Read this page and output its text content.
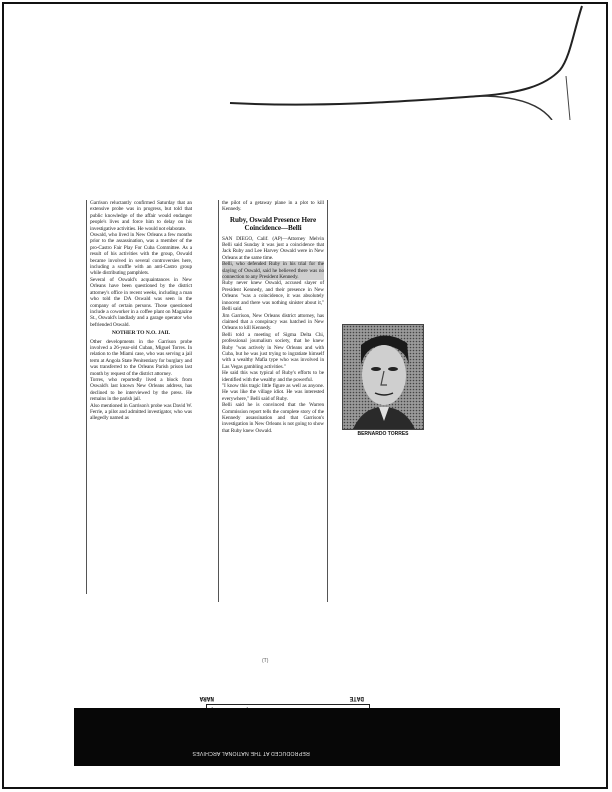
Garrison reluctantly confirmed Saturday that an extensive probe was in progress, but told that public knowledge of the affair would endanger people's lives and force him to delay on his investigative activities. He would not elaborate.

Oswald, who lived in New Orleans a few months prior to the assassination, was a member of the pro-Castro Fair Play For Cuba Committee. As a result of his activities with the group, Oswald became involved in several controversies here, including a scuffle with an anti-Castro group while distributing pamphlets.

Several of Oswald's acquaintances in New Orleans have been questioned by the district attorney's office in recent weeks, including a man who told the DA Oswald was seen in the company of certain persons. Those questioned include a coworker in a coffee plant on Magazine St., Oswald's landlady and a garage operator who befriended Oswald.

NOTHER TO N.O. JAIL

Other developments in the Garrison probe involved a 26-year-old Cuban, Miguel Torres. In relation to the Miami case, who was serving a jail term at Angola State Penitentiary for burglary and was transferred to the Orleans Parish prison last month by request of the district attorney.

Torres, who reportedly lived a block from Oswald's last known New Orleans address, has declined to be interviewed by the press. He remains in the parish jail.

Also mentioned in Garrison's probe was David W. Ferrie, a pilot and admitted investigator, who was allegedly named as

the pilot of a getaway plane in a plot to kill Kennedy.

Ruby, Oswald Presence Here Coincidence—Belli

SAN DIEGO, Calif. (AP)—Attorney Melvin Belli said Sunday it was just a coincidence that Jack Ruby and Lee Harvey Oswald were in New Orleans at the same time.

Belli, who defended Ruby in his trial for the slaying of Oswald, said he believed there was no connection to any President Kennedy.

Ruby never knew Oswald, accused slayer of President Kennedy, and their presence in New Orleans "was a coincidence, it was absolutely innocent and there was nothing sinister about it," Belli said.

Jim Garrison, New Orleans district attorney, has claimed that a conspiracy was hatched in New Orleans to kill Kennedy.

Belli told a meeting of Sigma Delta Chi, professional journalism society, that he knew Ruby "was actively in New Orleans and with Cuba, but he was just trying to ingratiate himself with a wealthy Mafia type who was involved in Las Vegas gambling activities."

He said this was typical of Ruby's efforts to be identified with the wealthy and the powerful.

"I know this tragic little figure as well as anyone. He was like the village idiot. He was interested everywhere," Belli said of Ruby.

Belli said he is convinced that the Warren Commission report tells the complete story of the Kennedy assassination and that Garrison's investigation in New Orleans is not going to show that Ruby knew Oswald.

BERNARDO TORRES
(T)
DATE
NARA
REPRODUCED AT THE NATIONAL ARCHIVES
